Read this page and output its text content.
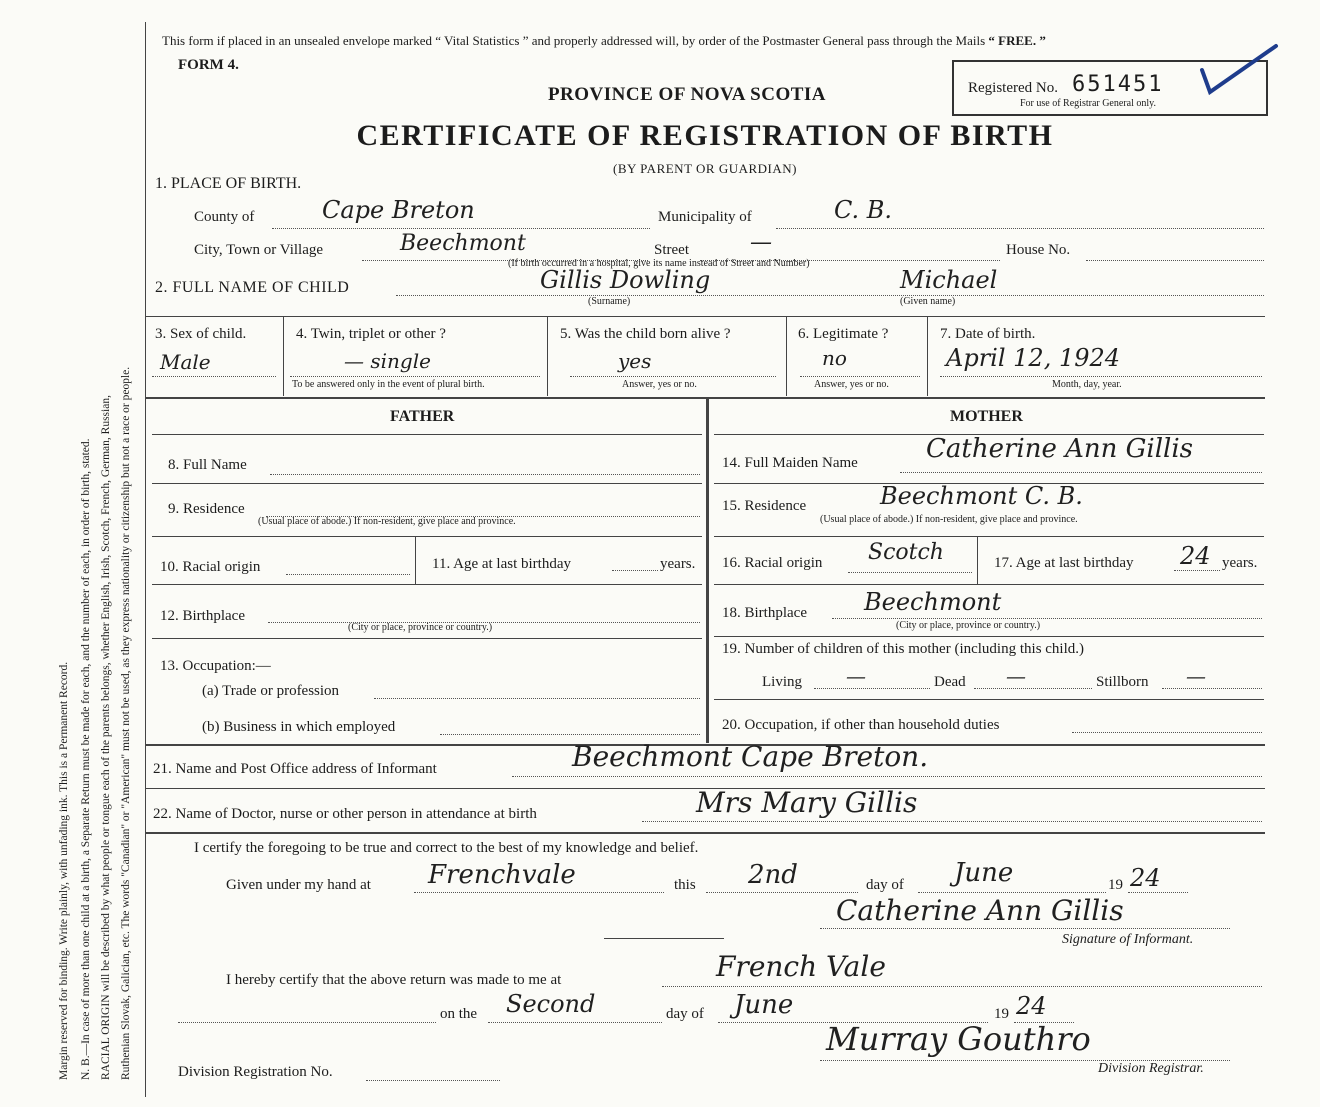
Margin reserved for binding. Write plainly, with unfading ink. This is a Permanent Record. N. B.—In case of more than one child at a birth, a Separate Return must be made for each, and the number of each, in order of birth, stated. RACIAL ORIGIN will be described by what people or tongue each of the parents belongs, whether English, Irish, Scotch, French, German, Russian, Ruthenian Slovak, Galician, etc. The words "Canadian" or "American" must not be used, as they express nationality or citizenship but not a race or people.
This form if placed in an unsealed envelope marked “ Vital Statistics ” and properly addressed will, by order of the Postmaster General pass through the Mails “ FREE. ”
FORM 4.
Registered No. 651451
For use of Registrar General only.
PROVINCE OF NOVA SCOTIA
CERTIFICATE OF REGISTRATION OF BIRTH
(BY PARENT OR GUARDIAN)
1. PLACE OF BIRTH.
County of	Cape Breton	Municipality of	C. B.
City, Town or Village	Beechmont	Street	—	House No.
(If birth occurred in a hospital, give its name instead of Street and Number)
2. FULL NAME OF CHILD	Gillis Dowling	Michael
(Surname)	(Given name)
3. Sex of child.
Male
4. Twin, triplet or other ?
— single
To be answered only in the event of plural birth.
5. Was the child born alive ?
yes
Answer, yes or no.
6. Legitimate ?
no
Answer, yes or no.
7. Date of birth.
April 12, 1924
Month, day, year.
FATHER	MOTHER
8. Full Name
9. Residence
(Usual place of abode.) If non-resident, give place and province.
10. Racial origin	11. Age at last birthday	years.
12. Birthplace
(City or place, province or country.)
13. Occupation:—
(a) Trade or profession
(b) Business in which employed
14. Full Maiden Name	Catherine Ann Gillis
15. Residence	Beechmont C. B.
(Usual place of abode.) If non-resident, give place and province.
16. Racial origin Scotch	17. Age at last birthday 24 years.
18. Birthplace Beechmont
(City or place, province or country.)
19. Number of children of this mother (including this child.)
Living —	Dead —	Stillborn —
20. Occupation, if other than household duties
21. Name and Post Office address of Informant	Beechmont Cape Breton.
22. Name of Doctor, nurse or other person in attendance at birth	Mrs Mary Gillis
I certify the foregoing to be true and correct to the best of my knowledge and belief.
Given under my hand at Frenchvale	this 2nd	day of June	19 24
Catherine Ann Gillis
Signature of Informant.
I hereby certify that the above return was made to me at	French Vale
on the Second	day of June	19 24
Murray Gouthro
Division Registration No.	Division Registrar.
